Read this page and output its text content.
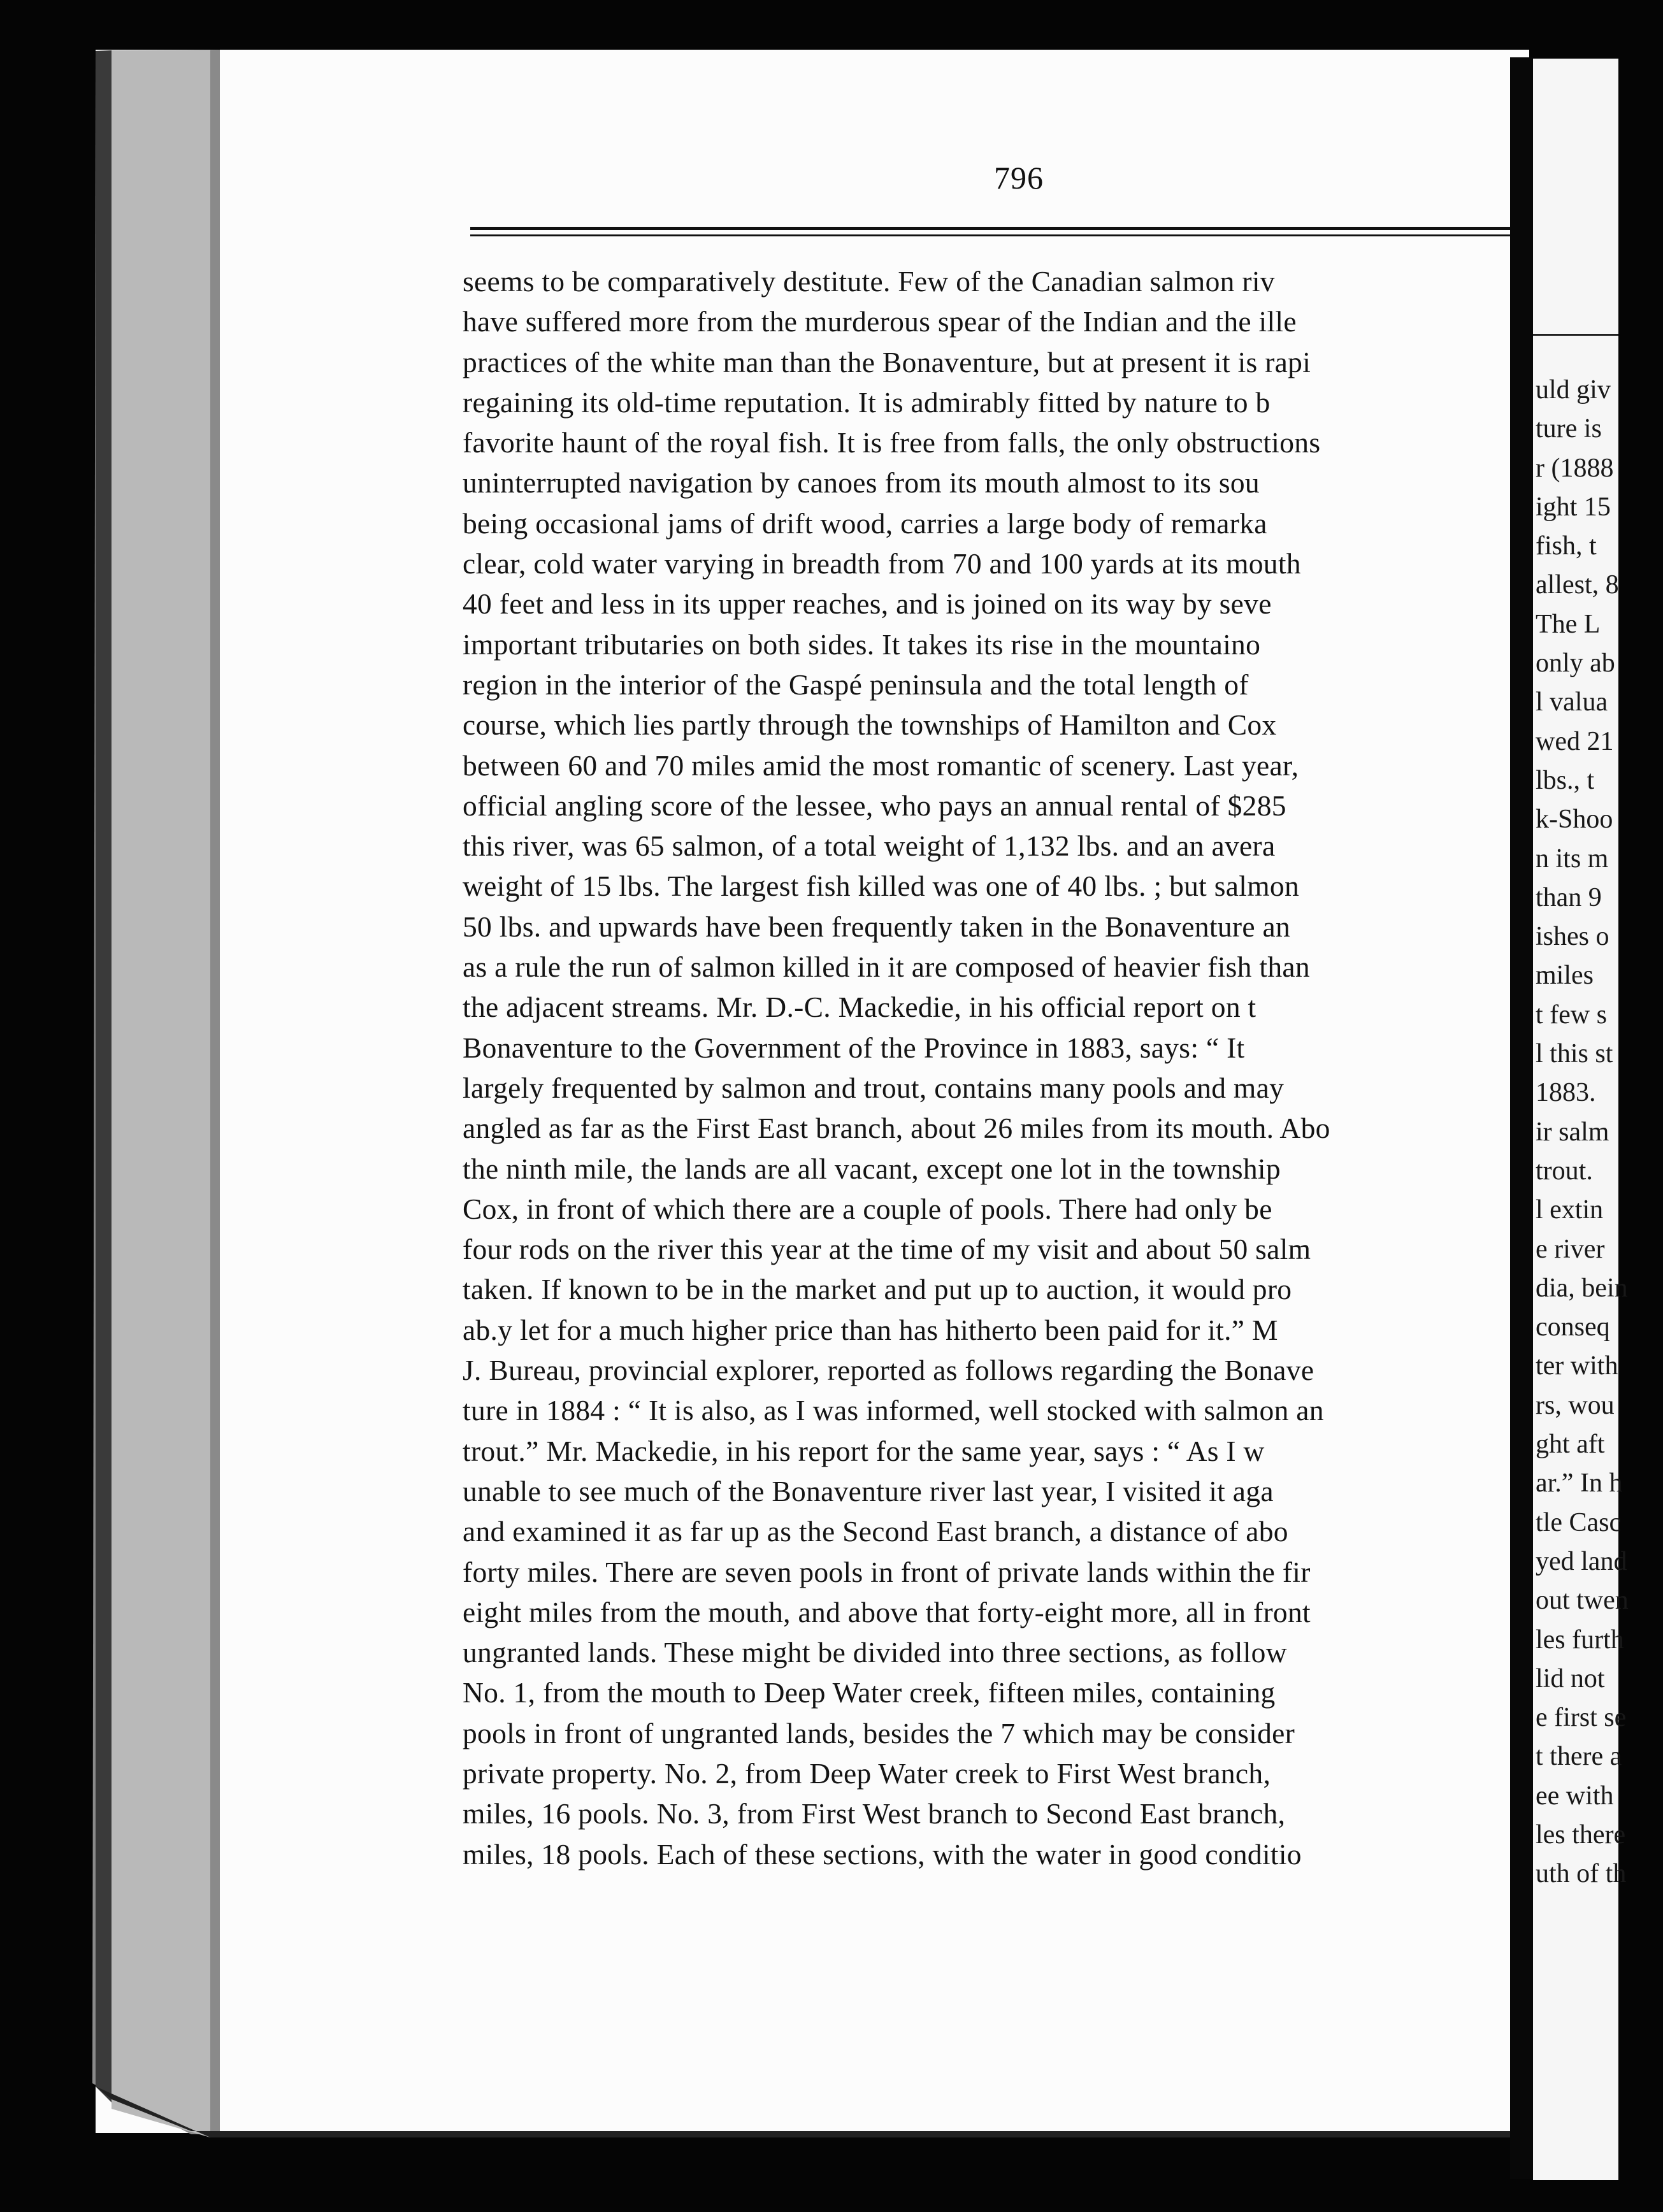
796
seems to be comparatively destitute. Few of the Canadian salmon riv
have suffered more from the murderous spear of the Indian and the ille
practices of the white man than the Bonaventure, but at present it is rapi
regaining its old-time reputation. It is admirably fitted by nature to b
favorite haunt of the royal fish. It is free from falls, the only obstructions
uninterrupted navigation by canoes from its mouth almost to its sou
being occasional jams of drift wood, carries a large body of remarka
clear, cold water varying in breadth from 70 and 100 yards at its mouth
40 feet and less in its upper reaches, and is joined on its way by seve
important tributaries on both sides. It takes its rise in the mountaino
region in the interior of the Gaspé peninsula and the total length of
course, which lies partly through the townships of Hamilton and Cox
between 60 and 70 miles amid the most romantic of scenery. Last year,
official angling score of the lessee, who pays an annual rental of $285
this river, was 65 salmon, of a total weight of 1,132 lbs. and an avera
weight of 15 lbs. The largest fish killed was one of 40 lbs. ; but salmon
50 lbs. and upwards have been frequently taken in the Bonaventure an
as a rule the run of salmon killed in it are composed of heavier fish than
the adjacent streams. Mr. D.-C. Mackedie, in his official report on t
Bonaventure to the Government of the Province in 1883, says: “ It
largely frequented by salmon and trout, contains many pools and may
angled as far as the First East branch, about 26 miles from its mouth. Abo
the ninth mile, the lands are all vacant, except one lot in the township
Cox, in front of which there are a couple of pools. There had only be
four rods on the river this year at the time of my visit and about 50 salm
taken. If known to be in the market and put up to auction, it would pro
ab.y let for a much higher price than has hitherto been paid for it.” M
J. Bureau, provincial explorer, reported as follows regarding the Bonave
ture in 1884 : “ It is also, as I was informed, well stocked with salmon an
trout.” Mr. Mackedie, in his report for the same year, says : “ As I w
unable to see much of the Bonaventure river last year, I visited it aga
and examined it as far up as the Second East branch, a distance of abo
forty miles. There are seven pools in front of private lands within the fir
eight miles from the mouth, and above that forty-eight more, all in front
ungranted lands. These might be divided into three sections, as follow
No. 1, from the mouth to Deep Water creek, fifteen miles, containing
pools in front of ungranted lands, besides the 7 which may be consider
private property. No. 2, from Deep Water creek to First West branch,
miles, 16 pools. No. 3, from First West branch to Second East branch,
miles, 18 pools. Each of these sections, with the water in good conditio
uld giv
ture is
r (1888
ight 15
fish, t
allest, 8
The L
only ab
l valua
wed 21
lbs., t
k-Shoo
n its m
than 9
ishes o
miles
t few s
l this st
1883.
ir salm
trout.
l extin
e river
dia, bein
conseq
ter with
rs, wou
ght aft
ar.” In h
tle Casc
yed land
out twen
les furth
lid not
e first se
t there a
ee with
les there
uth of th
